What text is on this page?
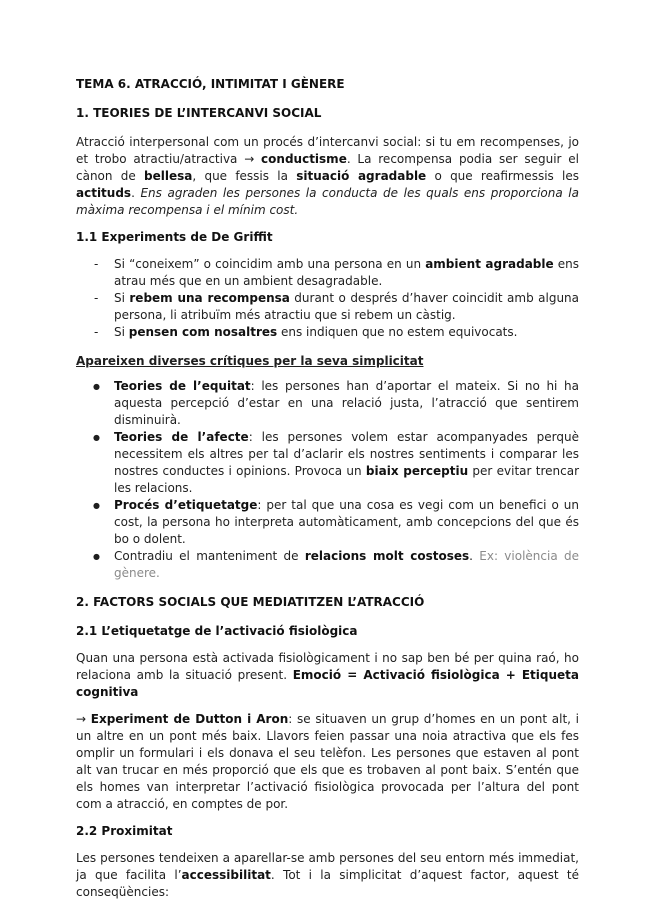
TEMA 6. ATRACCIÓ, INTIMITAT I GÈNERE
1. TEORIES DE L’INTERCANVI SOCIAL

Atracció interpersonal com un procés d’intercanvi social: si tu em recompenses, jo et trobo atractiu/atractiva → conductisme. La recompensa podia ser seguir el cànon de bellesa, que fessis la situació agradable o que reafirmessis les actituds. Ens agraden les persones la conducta de les quals ens proporciona la màxima recompensa i el mínim cost.

1.1 Experiments de De Griffit
- Si “coneixem” o coincidim amb una persona en un ambient agradable ens atrau més que en un ambient desagradable.
- Si rebem una recompensa durant o després d’haver coincidit amb alguna persona, li atribuïm més atractiu que si rebem un càstig.
- Si pensen com nosaltres ens indiquen que no estem equivocats.
Apareixen diverses crítiques per la seva simplicitat
● Teories de l’equitat: les persones han d’aportar el mateix. Si no hi ha aquesta percepció d’estar en una relació justa, l’atracció que sentirem disminuirà.
● Teories de l’afecte: les persones volem estar acompanyades perquè necessitem els altres per tal d’aclarir els nostres sentiments i comparar les nostres conductes i opinions. Provoca un biaix perceptiu per evitar trencar les relacions.
● Procés d’etiquetatge: per tal que una cosa es vegi com un benefici o un cost, la persona ho interpreta automàticament, amb concepcions del que és bo o dolent.
● Contradiu el manteniment de relacions molt costoses. Ex: violència de gènere.
2. FACTORS SOCIALS QUE MEDIATITZEN L’ATRACCIÓ
2.1 L’etiquetatge de l’activació fisiològica

Quan una persona està activada fisiològicament i no sap ben bé per quina raó, ho relaciona amb la situació present. Emoció = Activació fisiològica + Etiqueta cognitiva

→ Experiment de Dutton i Aron: se situaven un grup d’homes en un pont alt, i un altre en un pont més baix. Llavors feien passar una noia atractiva que els fes omplir un formulari i els donava el seu telèfon. Les persones que estaven al pont alt van trucar en més proporció que els que es trobaven al pont baix. S’entén que els homes van interpretar l’activació fisiològica provocada per l’altura del pont com a atracció, en comptes de por.

2.2 Proximitat

Les persones tendeixen a aparellar-se amb persones del seu entorn més immediat, ja que facilita l’accessibilitat. Tot i la simplicitat d’aquest factor, aquest té conseqüències:
